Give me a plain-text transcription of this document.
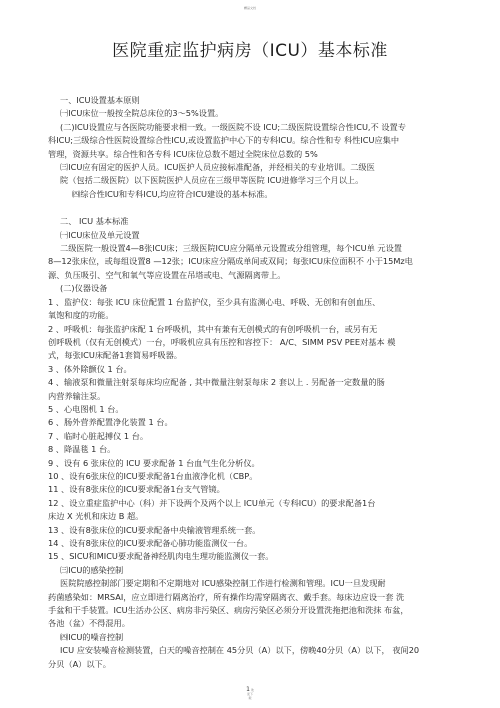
精品文档
医院重症监护病房（ICU）基本标准
一、ICU设置基本原则
㈠ICU床位一般按全院总床位的3～5%设置。
(二)ICU设置应与各医院功能要求相一致。一级医院不设 ICU;二级医院设置综合性ICU,不 设置专
科ICU;三级综合性医院设置综合性ICU,或设置监护中心下的专科ICU。综合性和专 科性ICU应集中
管理，资源共享。综合性和各专科 ICU床位总数不超过全院床位总数的 5%
㈢ICU应有固定的医护人员。ICU医护人员应接标准配备，并经相关的专业培训。二级医
院（包括二级医院）以下医院医护人员应在三级甲等医院 ICU进修学习三个月以上。
㈣综合性ICU和专科ICU,均应符合ICU建设的基本标准。
二、 ICU 基本标准
㈠ICU床位及单元设置
二级医院一般设置4—8张ICU床；三级医院ICU应分隔单元设置或分组管理，每个ICU单 元设置
8—12张床位，或每组设置8 —12张；ICU床应分隔成单间或双间；每张ICU床位面积不 小于15Mz电
源、负压吸引、空气和氧气等应设置在吊塔或电、气源隔离带上。
(二)仪器设备
1 、监护仪：每张 ICU 床位配置 1 台监护仪，至少具有监测心电、呼吸、无创和有创血压、
氧饱和度的功能。
2 、呼吸机：每张监护床配 1 台呼吸机，其中有兼有无创模式的有创呼吸机一台，或另有无
创呼吸机（仅有无创模式）一台，呼吸机应具有压控和容控下： A/C、SIMM PSV PEE对基本 模
式，每张ICU床配备1套简易呼吸器。
3 、体外除颤仪 1 台。
4 、输液泵和微量注射泵每床均应配备 , 其中微量注射泵每床 2 套以上 . 另配备一定数量的肠
内营养输注泵。
5 、心电图机 1 台。
6 、肠外营养配置净化装置 1 台。
7 、临时心脏起搏仪 1 台。
8 、降温毯 1 台。
9 、设有 6 张床位的 ICU 要求配备 1 台血气生化分析仪。
10 、设有6张床位的ICU要求配备1台血液净化机（CBP。
11 、设有8张床位的ICU要求配备1台支气管镜。
12 、设立重症监护中心（科）并下设两个及两个以上 ICU单元（专科ICU）的要求配备1台
床边 X 光机和床边 B 超。
13 、设有8张床位的ICU要求配备中央输液管理系统一套。
14 、设有8张床位的ICU要求配备心肺功能监测仪一台。
15 、SICU和MICU要求配备神经肌肉电生理功能监测仪一套。
㈢ICU的感染控制
医院院感控制部门要定期和不定期地对 ICU感染控制工作进行检测和管理。ICU一旦发现耐
药菌感染如：MRSAI，应立即进行隔离治疗，所有操作均需穿隔离衣、戴手套。每床边应设一套 洗
手盆和干手装置。ICU生活办公区、病房非污染区、病房污染区必须分开设置洗拖把池和洗抹 布盆，
各池（盆）不得混用。
㈣ICU的噪音控制
ICU 应安装噪音检测装置，白天的噪音控制在 45分贝（A）以下，傍晚40分贝（A）以下， 夜间20
分贝（A）以下。
1 欢
迎下
载
